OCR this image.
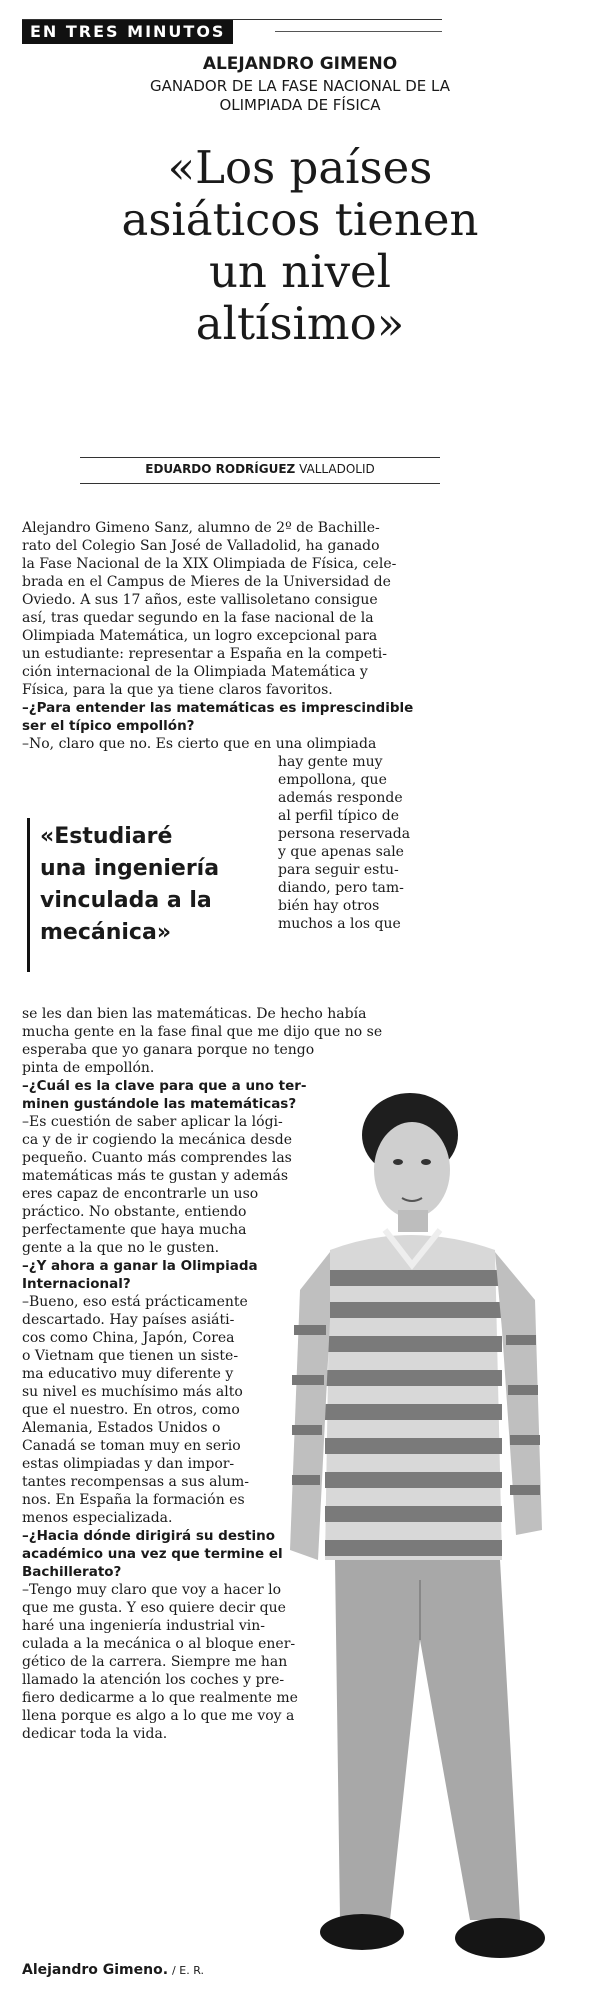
EN TRES MINUTOS
ALEJANDRO GIMENO
GANADOR DE LA FASE NACIONAL DE LA
OLIMPIADA DE FÍSICA
«Los países
asiáticos tienen
un nivel
altísimo»
EDUARDO RODRÍGUEZ VALLADOLID
Alejandro Gimeno Sanz, alumno de 2º de Bachille-
rato del Colegio San José de Valladolid, ha ganado
la Fase Nacional de la XIX Olimpiada de Física, cele-
brada en el Campus de Mieres de la Universidad de
Oviedo. A sus 17 años, este vallisoletano consigue
así, tras quedar segundo en la fase nacional de la
Olimpiada Matemática, un logro excepcional para
un estudiante: representar a España en la competi-
ción internacional de la Olimpiada Matemática y
Física, para la que ya tiene claros favoritos.
–¿Para entender las matemáticas es imprescindible
ser el típico empollón?
–No, claro que no. Es cierto que en una olimpiada
hay gente muy
empollona, que
además responde
al perfil típico de
persona reservada
y que apenas sale
para seguir estu-
diando, pero tam-
bién hay otros
muchos a los que
se les dan bien las matemáticas. De hecho había
mucha gente en la fase final que me dijo que no se
esperaba que yo ganara porque no tengo
pinta de empollón.
–¿Cuál es la clave para que a uno ter-
minen gustándole las matemáticas?
–Es cuestión de saber aplicar la lógi-
ca y de ir cogiendo la mecánica desde
pequeño. Cuanto más comprendes las
matemáticas más te gustan y además
eres capaz de encontrarle un uso
práctico. No obstante, entiendo
perfectamente que haya mucha
gente a la que no le gusten.
–¿Y ahora a ganar la Olimpiada
Internacional?
–Bueno, eso está prácticamente
descartado. Hay países asiáti-
cos como China, Japón, Corea
o Vietnam que tienen un siste-
ma educativo muy diferente y
su nivel es muchísimo más alto
que el nuestro. En otros, como
Alemania, Estados Unidos o
Canadá se toman muy en serio
estas olimpiadas y dan impor-
tantes recompensas a sus alum-
nos. En España la formación es
menos especializada.
–¿Hacia dónde dirigirá su destino
académico una vez que termine el
Bachillerato?
–Tengo muy claro que voy a hacer lo
que me gusta. Y eso quiere decir que
haré una ingeniería industrial vin-
culada a la mecánica o al bloque ener-
gético de la carrera. Siempre me han
llamado la atención los coches y pre-
fiero dedicarme a lo que realmente me
llena porque es algo a lo que me voy a
dedicar toda la vida.
«Estudiaré
una ingeniería
vinculada a la
mecánica»
Alejandro Gimeno. / E. R.
